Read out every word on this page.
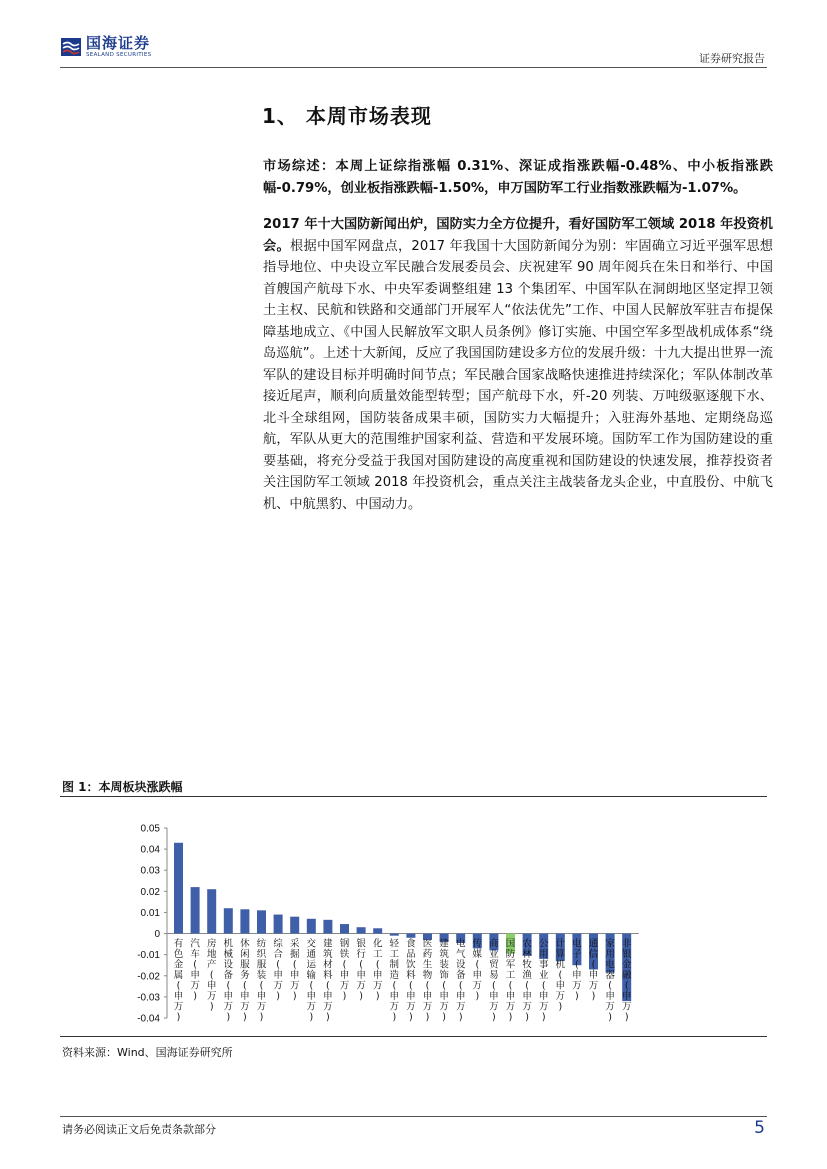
国海证券
SEALAND SECURITIES	证券研究报告
1、 本周市场表现
市场综述：本周上证综指涨幅 0.31%、深证成指涨跌幅-0.48%、中小板指涨跌幅-0.79%，创业板指涨跌幅-1.50%，申万国防军工行业指数涨跌幅为-1.07%。
2017 年十大国防新闻出炉，国防实力全方位提升，看好国防军工领域 2018 年投资机会。根据中国军网盘点，2017 年我国十大国防新闻分为别：牢固确立习近平强军思想指导地位、中央设立军民融合发展委员会、庆祝建军 90 周年阅兵在朱日和举行、中国首艘国产航母下水、中央军委调整组建 13 个集团军、中国军队在洞朗地区坚定捍卫领土主权、民航和铁路和交通部门开展军人“依法优先”工作、中国人民解放军驻吉布提保障基地成立、《中国人民解放军文职人员条例》修订实施、中国空军多型战机成体系“绕岛巡航”。上述十大新闻，反应了我国国防建设多方位的发展升级：十九大提出世界一流军队的建设目标并明确时间节点；军民融合国家战略快速推进持续深化；军队体制改革接近尾声，顺利向质量效能型转型；国产航母下水，歼-20 列装、万吨级驱逐舰下水、北斗全球组网，国防装备成果丰硕，国防实力大幅提升；入驻海外基地、定期绕岛巡航，军队从更大的范围维护国家利益、营造和平发展环境。国防军工作为国防建设的重要基础，将充分受益于我国对国防建设的高度重视和国防建设的快速发展，推荐投资者关注国防军工领域 2018 年投资机会，重点关注主战装备龙头企业，中直股份、中航飞机、中航黑豹、中国动力。
图 1：本周板块涨跌幅
0.05
0.04
0.03
0.02
0.01
0
-0.01
-0.02
-0.03
-0.04
有色金属(申万)
汽车(申万)
房地产(申万)
机械设备(申万)
休闲服务(申万)
纺织服装(申万)
综合(申万)
采掘(申万)
交通运输(申万)
建筑材料(申万)
钢铁(申万)
银行(申万)
化工(申万)
轻工制造(申万)
食品饮料(申万)
医药生物(申万)
建筑装饰(申万)
电气设备(申万)
传媒(申万)
商业贸易(申万)
国防军工(申万)
农林牧渔(申万)
公用事业(申万)
计算机(申万)
电子(申万)
通信(申万)
家用电器(申万)
非银金融(申万)
资料来源：Wind、国海证券研究所
请务必阅读正文后免责条款部分	5
